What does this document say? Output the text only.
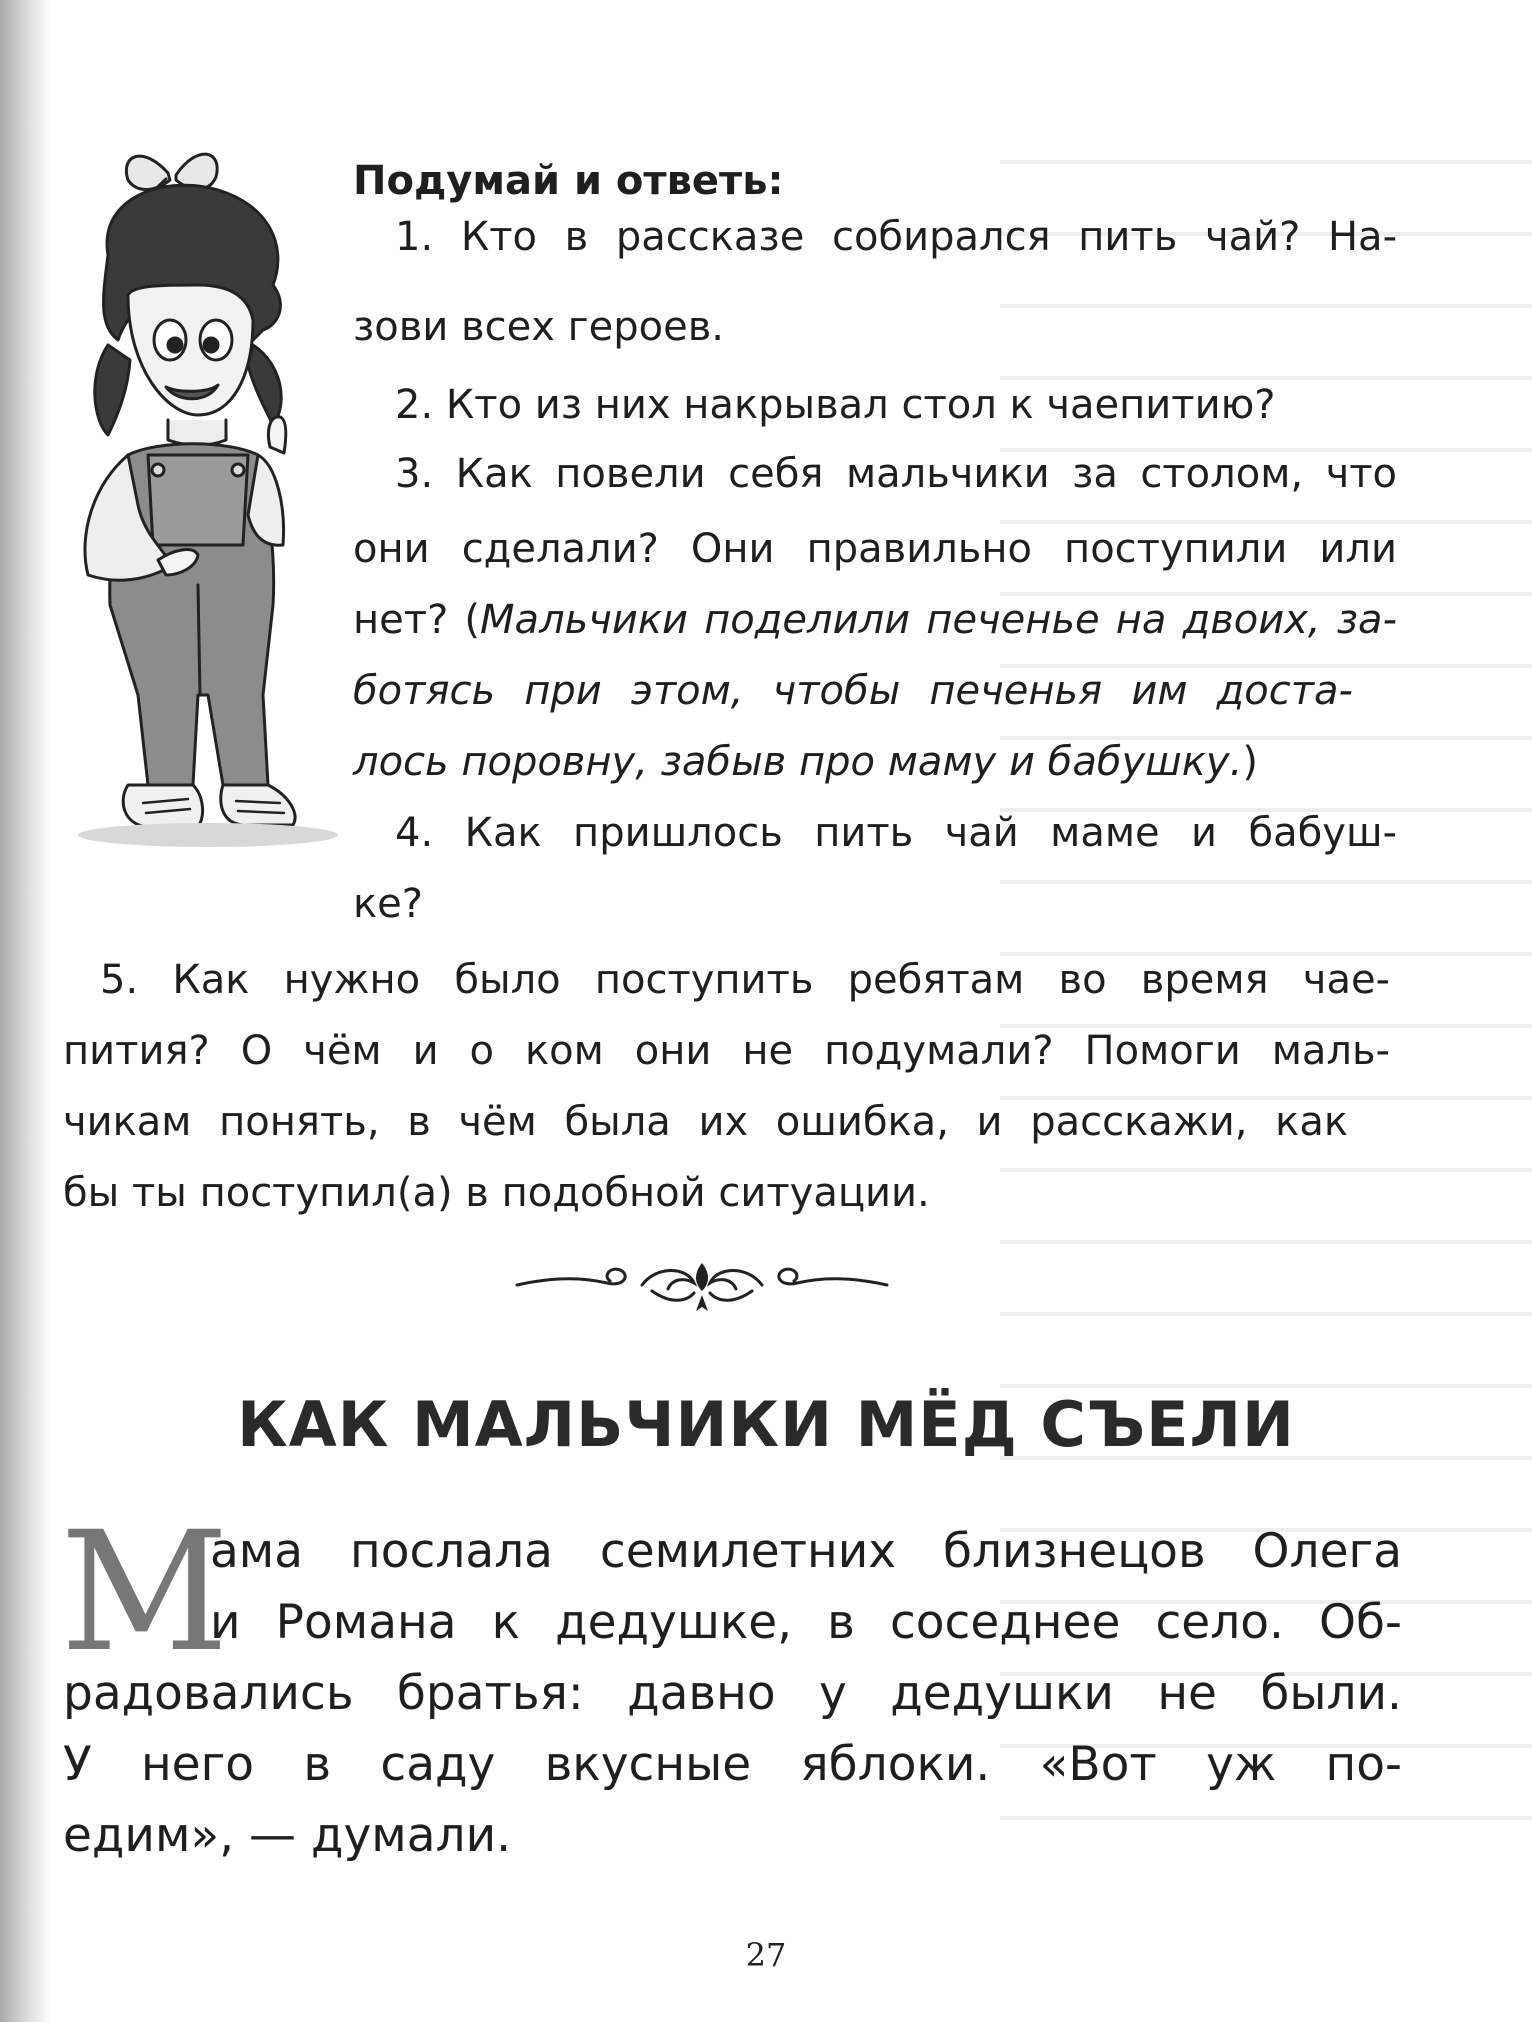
Подумай и ответь:

1. Кто в рассказе собирался пить чай? На-

зови всех героев.

2. Кто из них накрывал стол к чаепитию?

3. Как повели себя мальчики за столом, что

они сделали? Они правильно поступили или

нет? (Мальчики поделили печенье на двоих, за-

ботясь при этом, чтобы печенья им доста-

лось поровну, забыв про маму и бабушку.)

4. Как пришлось пить чай маме и бабуш-

ке?

5. Как нужно было поступить ребятам во время чае-

пития? О чём и о ком они не подумали? Помоги маль-

чикам понять, в чём была их ошибка, и расскажи, как

бы ты поступил(а) в подобной ситуации.

КАК МАЛЬЧИКИ МЁД СЪЕЛИ

М

ама послала семилетних близнецов Олега

и Романа к дедушке, в соседнее село. Об-

радовались братья: давно у дедушки не были.

У него в саду вкусные яблоки. «Вот уж по-

едим», — думали.

27
